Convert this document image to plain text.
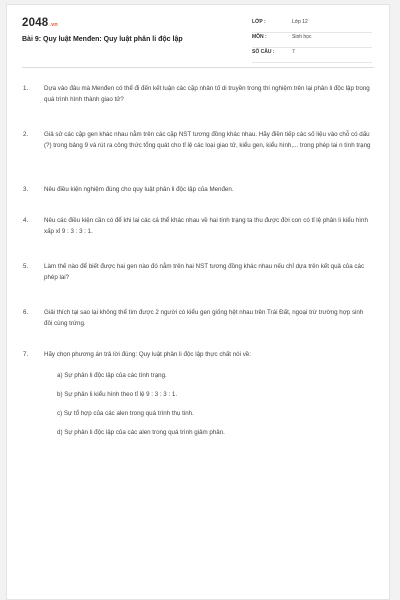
2048.vn
Bài 9: Quy luật Menđen: Quy luật phân li độc lập
LỚP :	Lớp 12
MÔN :	Sinh học
SỐ CÂU :	7
1.	Dựa vào đâu mà Menđen có thể đi đến kết luận các cặp nhân tố di truyền trong thí nghiệm trên lại phân li độc lập trong quá trình hình thành giao tử?
2.	Giả sử các cặp gen khác nhau nằm trên các cặp NST tương đồng khác nhau. Hãy điền tiếp các số liệu vào chỗ có dấu (?) trong bảng 9 và rút ra công thức tổng quát cho tỉ lệ các loại giao tử, kiểu gen, kiểu hình,... trong phép lai n tính trạng
3.	Nêu điều kiện nghiệm đúng cho quy luật phân li độc lập của Menđen.
4.	Nêu các điều kiện cần có để khi lai các cá thể khác nhau về hai tính trạng ta thu được đời con có tỉ lệ phân li kiểu hình xấp xỉ 9 : 3 : 3 : 1.
5.	Làm thế nào để biết được hai gen nào đó nằm trên hai NST tương đồng khác nhau nếu chỉ dựa trên kết quả của các phép lai?
6.	Giải thích tại sao lại không thể tìm được 2 người có kiểu gen giống hệt nhau trên Trái Đất, ngoại trừ trường hợp sinh đôi cùng trứng.
7.	Hãy chọn phương án trả lời đúng: Quy luật phân li độc lập thực chất nói về:
a) Sự phân li độc lập của các tính trạng.
b) Sự phân li kiểu hình theo tỉ lệ 9 : 3 : 3 : 1.
c) Sự tổ hợp của các alen trong quá trình thụ tinh.
d) Sự phân li độc lập của các alen trong quá trình giảm phân.
